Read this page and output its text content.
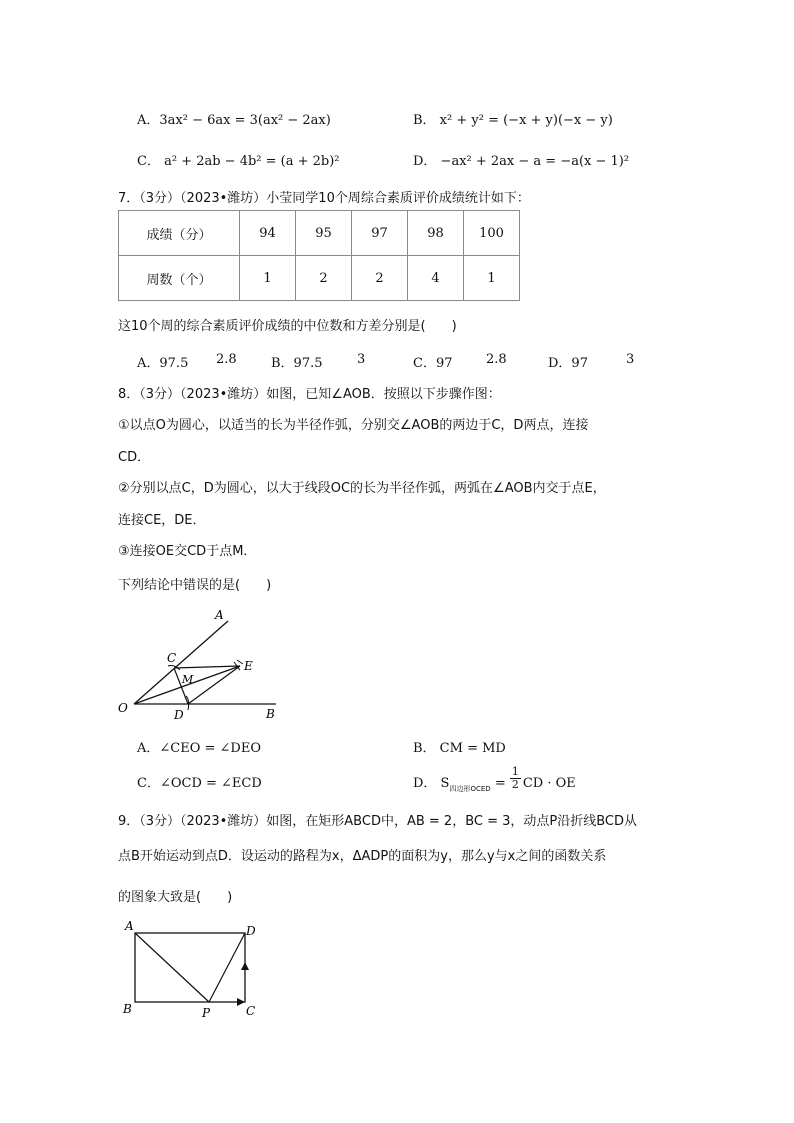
A．3ax² − 6ax = 3(ax² − 2ax)	B． x² + y² = (−x + y)(−x − y)
C． a² + 2ab − 4b² = (a + 2b)²	D． −ax² + 2ax − a = −a(x − 1)²
7．（3分）（2023•潍坊）小莹同学10个周综合素质评价成绩统计如下：
成绩（分）	94	95	97	98	100
周数（个）	1	2	2	4	1
这10个周的综合素质评价成绩的中位数和方差分别是(　　)
A．97.5 2.8	B．97.5	3	C．97	2.8	D．97	3
8．（3分）（2023•潍坊）如图，已知∠AOB．按照以下步骤作图：
①以点O为圆心，以适当的长为半径作弧，分别交∠AOB的两边于C，D两点，连接
CD．
②分别以点C，D为圆心，以大于线段OC的长为半径作弧，两弧在∠AOB内交于点E，
连接CE，DE．
③连接OE交CD于点M．
下列结论中错误的是(　　)
A
C
E
M
O	D	B
A．∠CEO = ∠DEO	B． CM = MD
C．∠OCD = ∠ECD	D． $S_{四边形OCED} = \frac{1}{2}$ CD · OE
9．（3分）（2023•潍坊）如图，在矩形ABCD中，AB = 2，BC = 3，动点P沿折线BCD从
点B开始运动到点D．设运动的路程为x，ΔADP的面积为y，那么y与x之间的函数关系
的图象大致是(　　)
A	D
B	P	C
